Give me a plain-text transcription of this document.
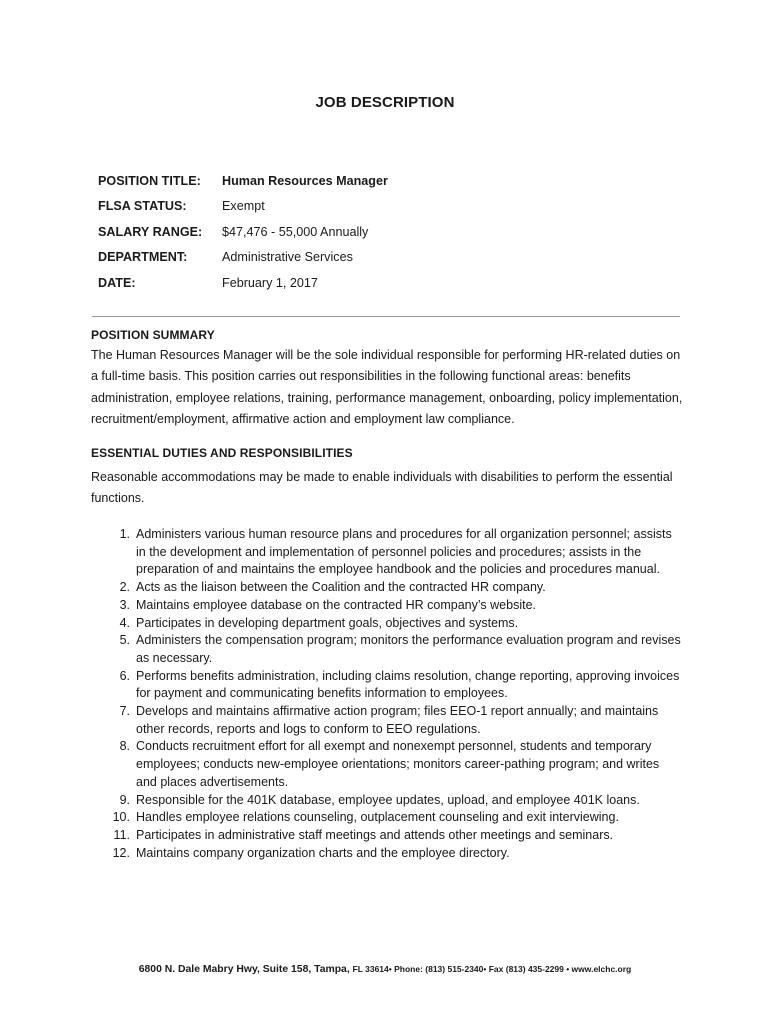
JOB DESCRIPTION
POSITION TITLE:	Human Resources Manager
FLSA STATUS:	Exempt
SALARY RANGE:	$47,476 - 55,000 Annually
DEPARTMENT:	Administrative Services
DATE:	February 1, 2017
POSITION SUMMARY
The Human Resources Manager will be the sole individual responsible for performing HR-related duties on a full-time basis. This position carries out responsibilities in the following functional areas: benefits administration, employee relations, training, performance management, onboarding, policy implementation, recruitment/employment, affirmative action and employment law compliance.
ESSENTIAL DUTIES AND RESPONSIBILITIES
Reasonable accommodations may be made to enable individuals with disabilities to perform the essential functions.
1. Administers various human resource plans and procedures for all organization personnel; assists in the development and implementation of personnel policies and procedures; assists in the preparation of and maintains the employee handbook and the policies and procedures manual.
2. Acts as the liaison between the Coalition and the contracted HR company.
3. Maintains employee database on the contracted HR company’s website.
4. Participates in developing department goals, objectives and systems.
5. Administers the compensation program; monitors the performance evaluation program and revises as necessary.
6. Performs benefits administration, including claims resolution, change reporting, approving invoices for payment and communicating benefits information to employees.
7. Develops and maintains affirmative action program; files EEO-1 report annually; and maintains other records, reports and logs to conform to EEO regulations.
8. Conducts recruitment effort for all exempt and nonexempt personnel, students and temporary employees; conducts new-employee orientations; monitors career-pathing program; and writes and places advertisements.
9. Responsible for the 401K database, employee updates, upload, and employee 401K loans.
10. Handles employee relations counseling, outplacement counseling and exit interviewing.
11. Participates in administrative staff meetings and attends other meetings and seminars.
12. Maintains company organization charts and the employee directory.
6800 N. Dale Mabry Hwy, Suite 158, Tampa, FL 33614• Phone: (813) 515-2340• Fax (813) 435-2299 • www.elchc.org
